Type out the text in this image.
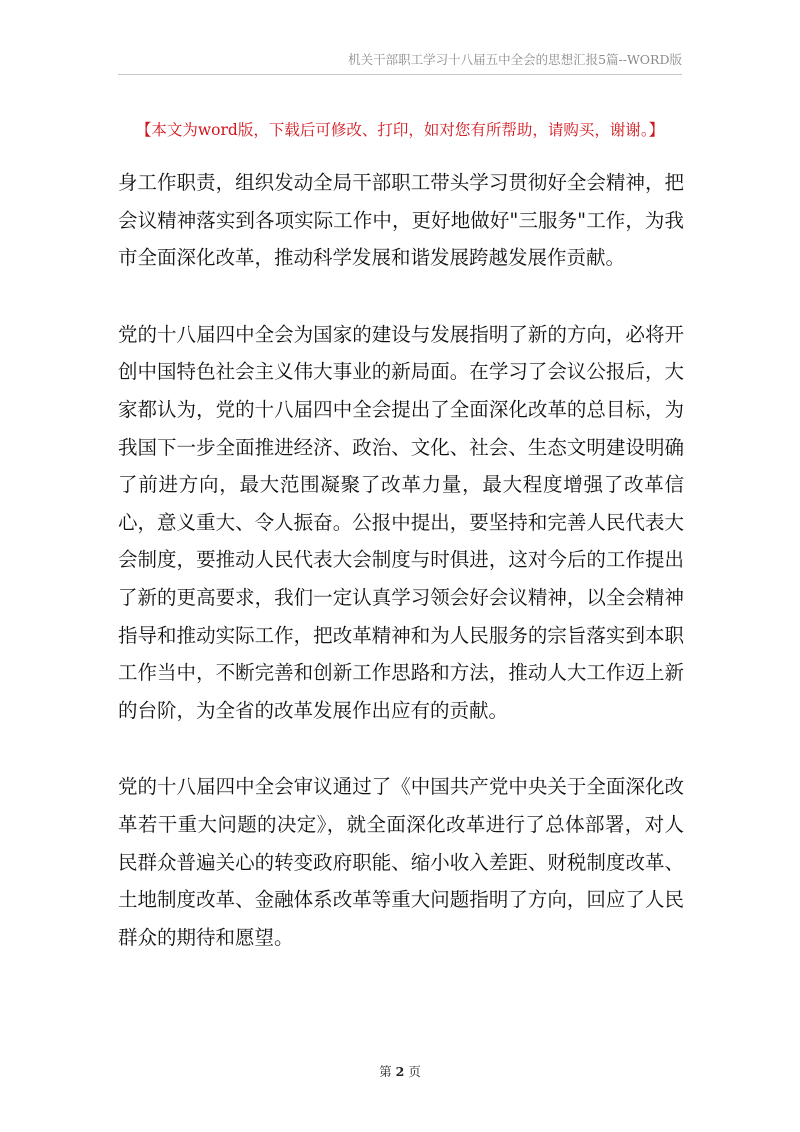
机关干部职工学习十八届五中全会的思想汇报5篇--WORD版
【本文为word版，下载后可修改、打印，如对您有所帮助，请购买，谢谢。】

身工作职责，组织发动全局干部职工带头学习贯彻好全会精神，把会议精神落实到各项实际工作中，更好地做好"三服务"工作，为我市全面深化改革，推动科学发展和谐发展跨越发展作贡献。

党的十八届四中全会为国家的建设与发展指明了新的方向，必将开创中国特色社会主义伟大事业的新局面。在学习了会议公报后，大家都认为，党的十八届四中全会提出了全面深化改革的总目标，为我国下一步全面推进经济、政治、文化、社会、生态文明建设明确了前进方向，最大范围凝聚了改革力量，最大程度增强了改革信心，意义重大、令人振奋。公报中提出，要坚持和完善人民代表大会制度，要推动人民代表大会制度与时俱进，这对今后的工作提出了新的更高要求，我们一定认真学习领会好会议精神，以全会精神指导和推动实际工作，把改革精神和为人民服务的宗旨落实到本职工作当中，不断完善和创新工作思路和方法，推动人大工作迈上新的台阶，为全省的改革发展作出应有的贡献。

党的十八届四中全会审议通过了《中国共产党中央关于全面深化改革若干重大问题的决定》，就全面深化改革进行了总体部署，对人民群众普遍关心的转变政府职能、缩小收入差距、财税制度改革、土地制度改革、金融体系改革等重大问题指明了方向，回应了人民群众的期待和愿望。

第 2 页
